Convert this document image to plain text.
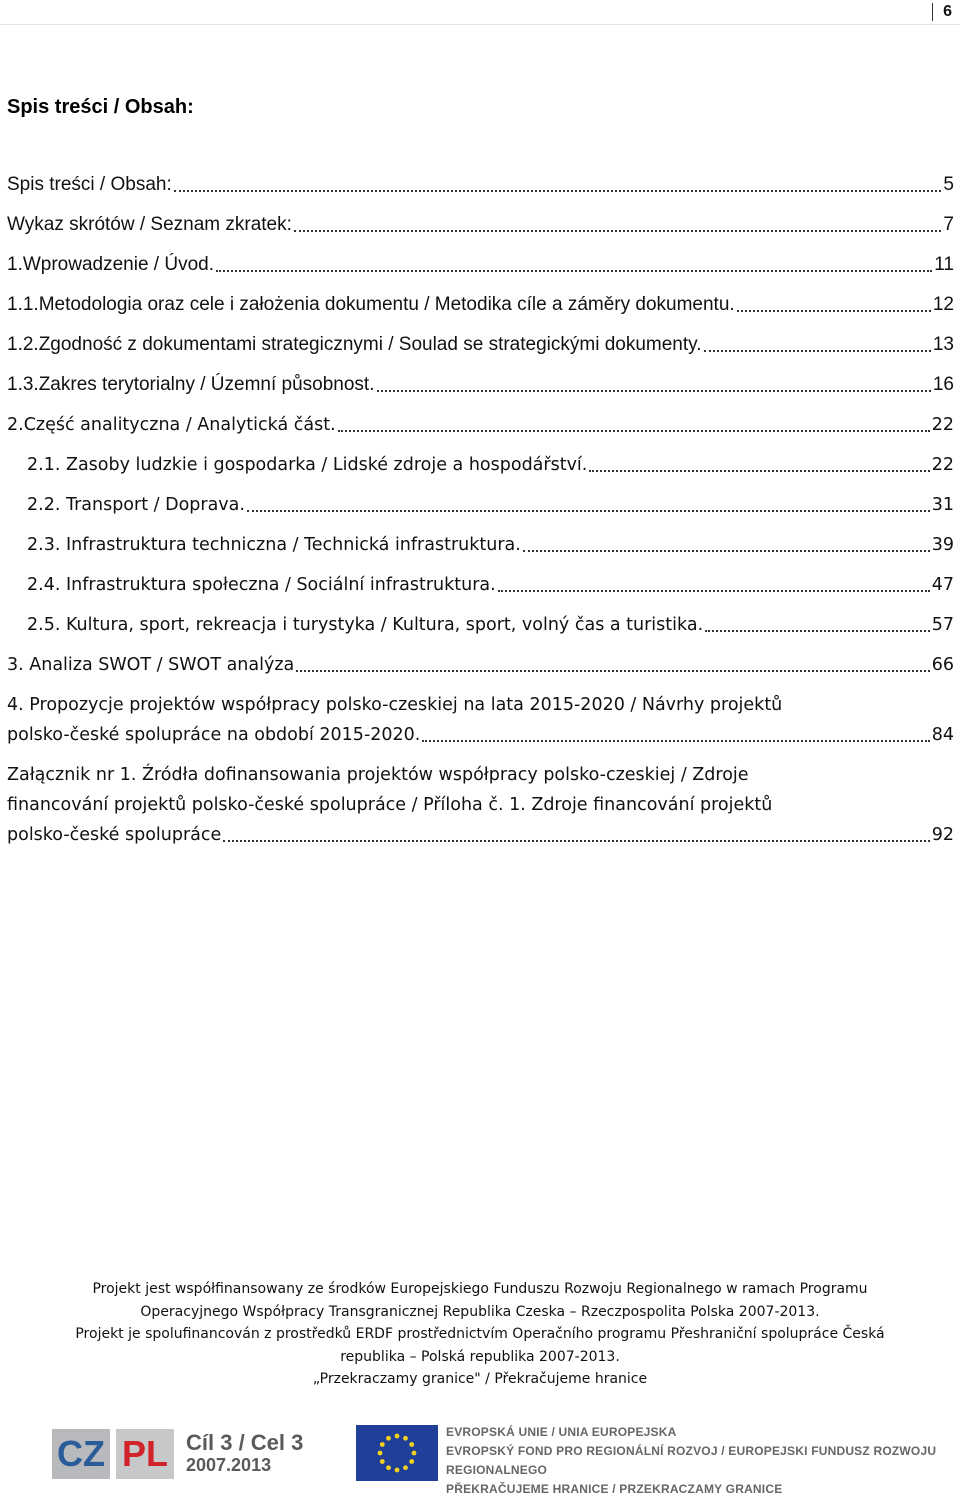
6
Spis treści / Obsah:
Spis treści / Obsah:	5
Wykaz skrótów / Seznam zkratek:	7
1.Wprowadzenie / Úvod.	11
1.1.Metodologia oraz cele i założenia dokumentu / Metodika cíle a záměry dokumentu.	12
1.2.Zgodność z dokumentami strategicznymi / Soulad se strategickými dokumenty.	13
1.3.Zakres terytorialny / Územní působnost.	16
2.Część analityczna / Analytická část.	22
2.1. Zasoby ludzkie i gospodarka / Lidské zdroje a hospodářství.	22
2.2. Transport / Doprava.	31
2.3. Infrastruktura techniczna / Technická infrastruktura.	39
2.4. Infrastruktura społeczna / Sociální infrastruktura.	47
2.5. Kultura, sport, rekreacja i turystyka / Kultura, sport, volný čas a turistika.	57
3. Analiza SWOT / SWOT analýza	66
4. Propozycje projektów współpracy polsko-czeskiej na lata 2015-2020 / Návrhy projektů
polsko-české spolupráce na období 2015-2020.	84
Załącznik nr 1. Źródła dofinansowania projektów współpracy polsko-czeskiej / Zdroje
financování projektů polsko-české spolupráce / Příloha č. 1. Zdroje financování projektů
polsko-české spolupráce	92
Projekt jest współfinansowany ze środków Europejskiego Funduszu Rozwoju Regionalnego w ramach Programu
Operacyjnego Współpracy Transgranicznej Republika Czeska – Rzeczpospolita Polska 2007-2013.
Projekt je spolufinancován z prostředků ERDF prostřednictvím Operačního programu Přeshraniční spolupráce Česká
republika – Polská republika 2007-2013.
„Przekraczamy granice" / Překračujeme hranice
CZ PL Cíl 3 / Cel 3
2007.2013
EVROPSKÁ UNIE / UNIA EUROPEJSKA
EVROPSKÝ FOND PRO REGIONÁLNÍ ROZVOJ / EUROPEJSKI FUNDUSZ ROZWOJU REGIONALNEGO
PŘEKRAČUJEME HRANICE / PRZEKRACZAMY GRANICE
